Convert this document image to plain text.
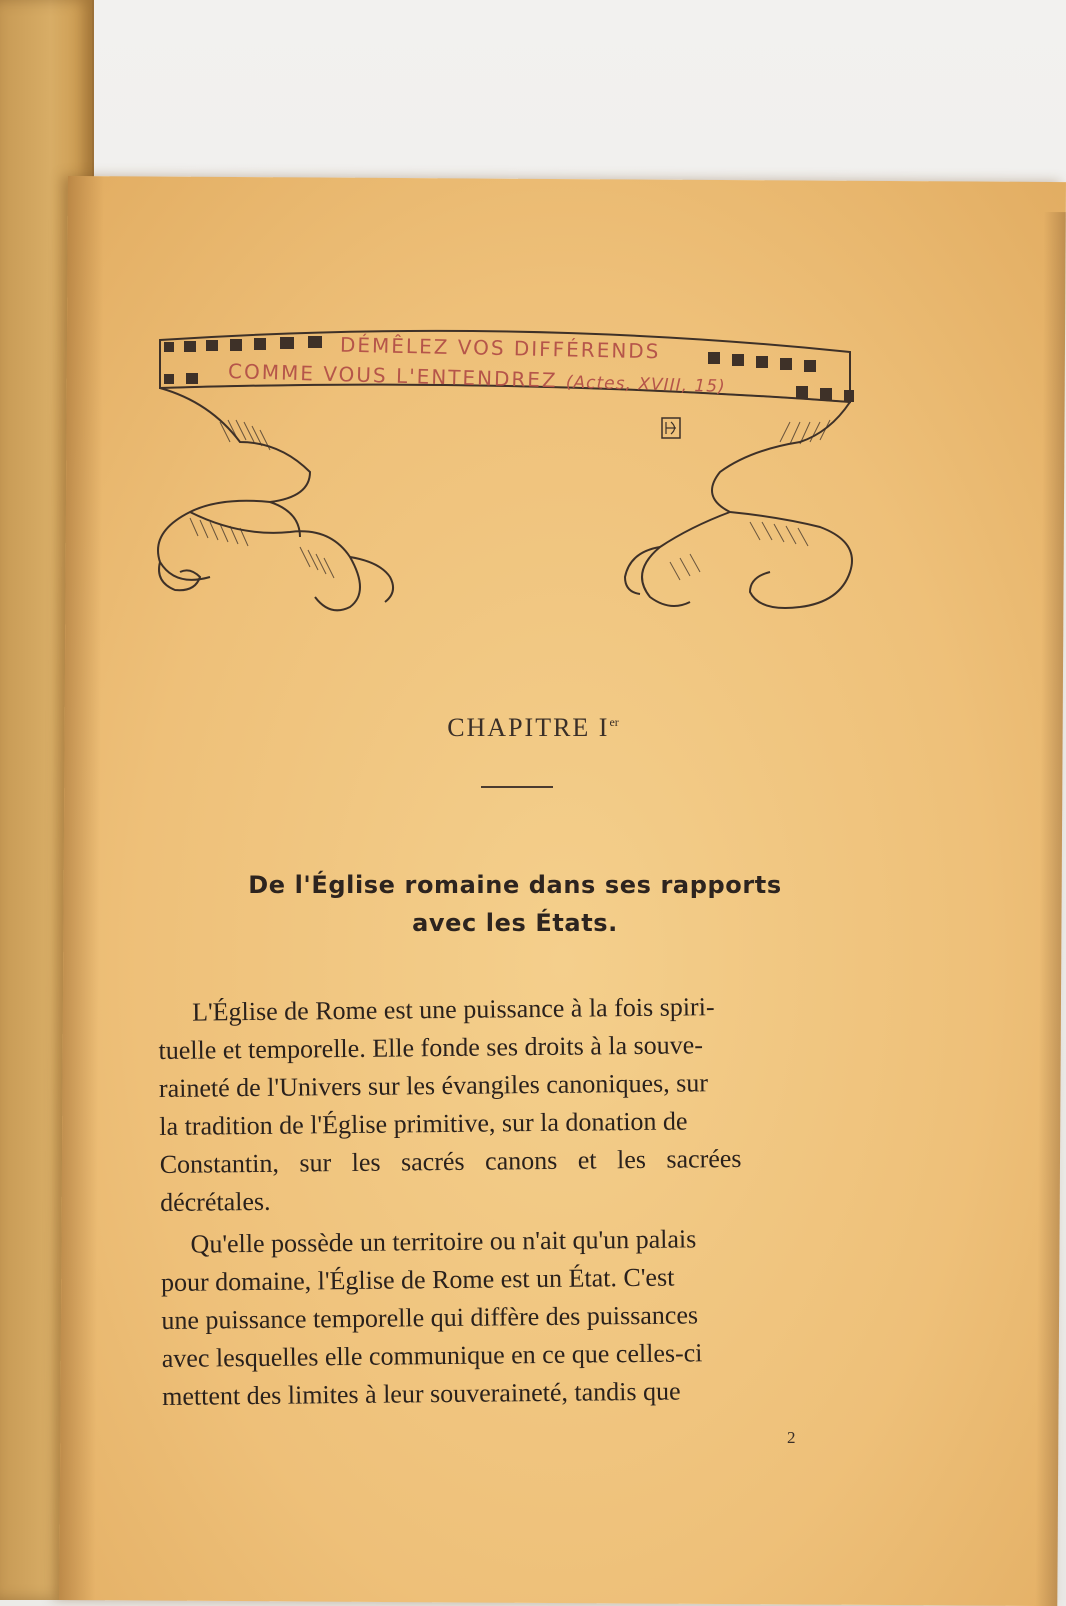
DÉMÊLEZ VOS DIFFÉRENDS
COMME VOUS L'ENTENDREZ (Actes, XVIII, 15)
CHAPITRE Ier
De l'Église romaine dans ses rapports
avec les États.
L'Église de Rome est une puissance à la fois spiri-
tuelle et temporelle. Elle fonde ses droits à la souve-
raineté de l'Univers sur les évangiles canoniques, sur
la tradition de l'Église primitive, sur la donation de
Constantin, sur les sacrés canons et les sacrées
décrétales.
Qu'elle possède un territoire ou n'ait qu'un palais
pour domaine, l'Église de Rome est un État. C'est
une puissance temporelle qui diffère des puissances
avec lesquelles elle communique en ce que celles-ci
mettent des limites à leur souveraineté, tandis que
2
